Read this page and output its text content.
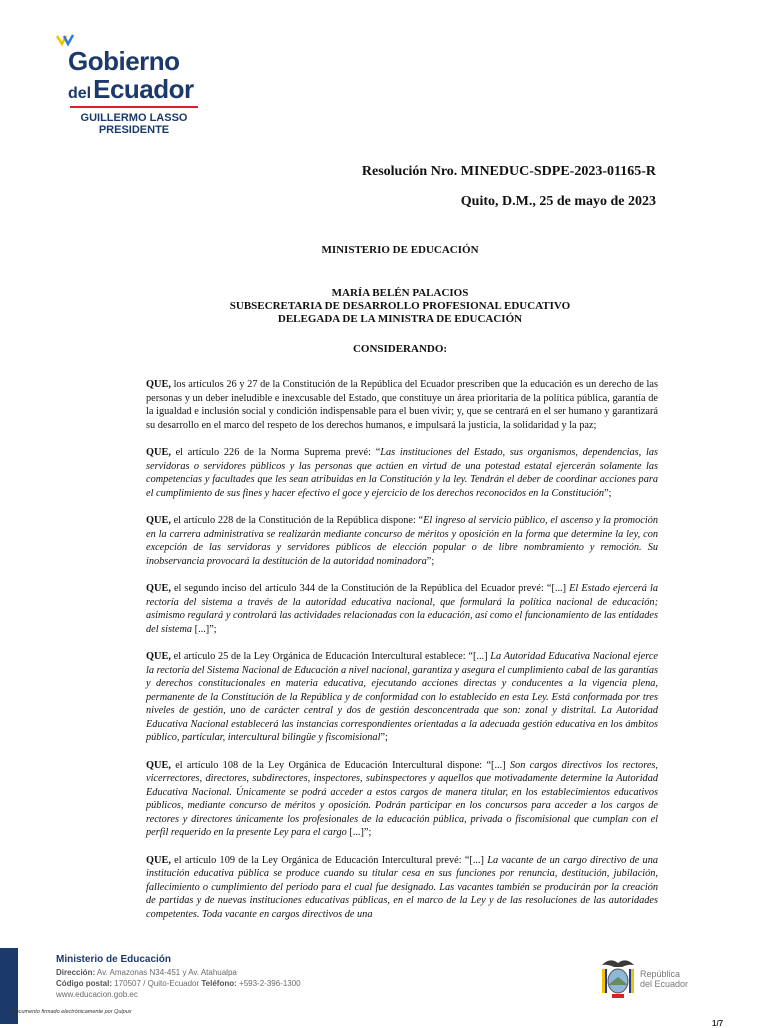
Gobierno
delEcuador
GUILLERMO LASSO
PRESIDENTE
Resolución Nro. MINEDUC-SDPE-2023-01165-R
Quito, D.M., 25 de mayo de 2023
MINISTERIO DE EDUCACIÓN
MARÍA BELÉN PALACIOS
SUBSECRETARIA DE DESARROLLO PROFESIONAL EDUCATIVO
DELEGADA DE LA MINISTRA DE EDUCACIÓN
CONSIDERANDO:

QUE, los artículos 26 y 27 de la Constitución de la República del Ecuador prescriben que la educación es un derecho de las personas y un deber ineludible e inexcusable del Estado, que constituye un área prioritaria de la política pública, garantía de la igualdad e inclusión social y condición indispensable para el buen vivir; y, que se centrará en el ser humano y garantizará su desarrollo en el marco del respeto de los derechos humanos, e impulsará la justicia, la solidaridad y la paz;

QUE, el artículo 226 de la Norma Suprema prevé: “Las instituciones del Estado, sus organismos, dependencias, las servidoras o servidores públicos y las personas que actúen en virtud de una potestad estatal ejercerán solamente las competencias y facultades que les sean atribuidas en la Constitución y la ley. Tendrán el deber de coordinar acciones para el cumplimiento de sus fines y hacer efectivo el goce y ejercicio de los derechos reconocidos en la Constitución”;

QUE, el artículo 228 de la Constitución de la República dispone: “El ingreso al servicio público, el ascenso y la promoción en la carrera administrativa se realizarán mediante concurso de méritos y oposición en la forma que determine la ley, con excepción de las servidoras y servidores públicos de elección popular o de libre nombramiento y remoción. Su inobservancia provocará la destitución de la autoridad nominadora”;

QUE, el segundo inciso del artículo 344 de la Constitución de la República del Ecuador prevé: “[...] El Estado ejercerá la rectoría del sistema a través de la autoridad educativa nacional, que formulará la política nacional de educación; asimismo regulará y controlará las actividades relacionadas con la educación, así como el funcionamiento de las entidades del sistema [...]”;

QUE, el artículo 25 de la Ley Orgánica de Educación Intercultural establece: “[...] La Autoridad Educativa Nacional ejerce la rectoría del Sistema Nacional de Educación a nivel nacional, garantiza y asegura el cumplimiento cabal de las garantías y derechos constitucionales en materia educativa, ejecutando acciones directas y conducentes a la vigencia plena, permanente de la Constitución de la República y de conformidad con lo establecido en esta Ley. Está conformada por tres niveles de gestión, uno de carácter central y dos de gestión desconcentrada que son: zonal y distrital. La Autoridad Educativa Nacional establecerá las instancias correspondientes orientadas a la adecuada gestión educativa en los ámbitos público, particular, intercultural bilingüe y fiscomisional”;

QUE, el artículo 108 de la Ley Orgánica de Educación Intercultural dispone: “[...] Son cargos directivos los rectores, vicerrectores, directores, subdirectores, inspectores, subinspectores y aquellos que motivadamente determine la Autoridad Educativa Nacional. Únicamente se podrá acceder a estos cargos de manera titular, en los establecimientos educativos públicos, mediante concurso de méritos y oposición. Podrán participar en los concursos para acceder a los cargos de rectores y directores únicamente los profesionales de la educación pública, privada o fiscomisional que cumplan con el perfil requerido en la presente Ley para el cargo [...]”;

QUE, el artículo 109 de la Ley Orgánica de Educación Intercultural prevé: “[...] La vacante de un cargo directivo de una institución educativa pública se produce cuando su titular cesa en sus funciones por renuncia, destitución, jubilación, fallecimiento o cumplimiento del periodo para el cual fue designado. Las vacantes también se producirán por la creación de partidas y de nuevas instituciones educativas públicas, en el marco de la Ley y de las resoluciones de las autoridades competentes. Toda vacante en cargos directivos de una

Ministerio de Educación
Dirección: Av. Amazonas N34-451 y Av. Atahualpa
Código postal: 170507 / Quito-Ecuador Teléfono: +593-2-396-1300
www.educacion.gob.ec
* Documento firmado electrónicamente por Quipux
República
del Ecuador
1/7
